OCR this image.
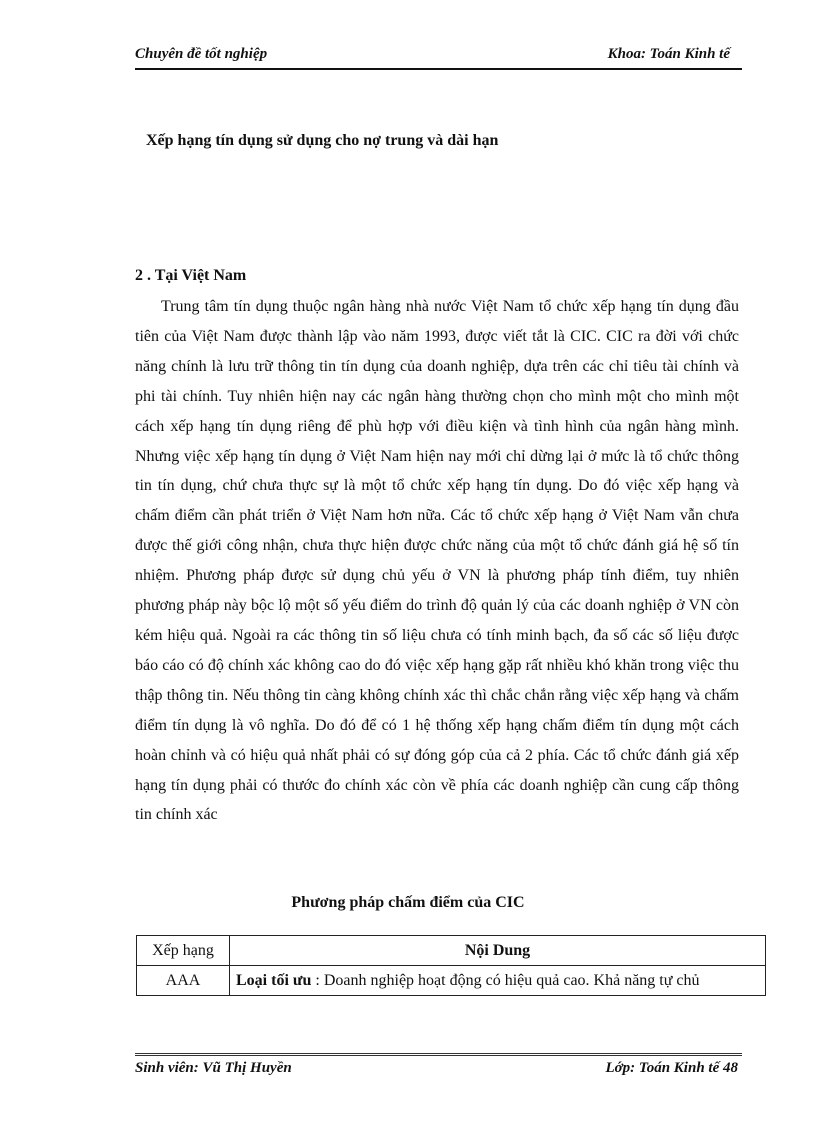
Chuyên đề tốt nghiệp	Khoa: Toán Kinh tế
Xếp hạng tín dụng sử dụng cho nợ trung và dài hạn
2 . Tại Việt Nam

Trung tâm tín dụng thuộc ngân hàng nhà nước Việt Nam tổ chức xếp hạng tín dụng đầu tiên của Việt Nam được thành lập vào năm 1993, được viết tắt là CIC. CIC ra đời với chức năng chính là lưu trữ thông tin tín dụng của doanh nghiệp, dựa trên các chỉ tiêu tài chính và phi tài chính. Tuy nhiên hiện nay các ngân hàng thường chọn cho mình một cho mình một cách xếp hạng tín dụng riêng để phù hợp với điều kiện và tình hình của ngân hàng mình. Nhưng việc xếp hạng tín dụng ở Việt Nam hiện nay mới chỉ dừng lại ở mức là tổ chức thông tin tín dụng, chứ chưa thực sự là một tổ chức xếp hạng tín dụng. Do đó việc xếp hạng và chấm điểm cần phát triển ở Việt Nam hơn nữa. Các tổ chức xếp hạng ở Việt Nam vẫn chưa được thế giới công nhận, chưa thực hiện được chức năng của một tổ chức đánh giá hệ số tín nhiệm. Phương pháp được sử dụng chủ yếu ở VN là phương pháp tính điểm, tuy nhiên phương pháp này bộc lộ một số yếu điểm do trình độ quản lý của các doanh nghiệp ở VN còn kém hiệu quả. Ngoài ra các thông tin số liệu chưa có tính minh bạch, đa số các số liệu được báo cáo có độ chính xác không cao do đó việc xếp hạng gặp rất nhiều khó khăn trong việc thu thập thông tin. Nếu thông tin càng không chính xác thì chắc chắn rằng việc xếp hạng và chấm điểm tín dụng là vô nghĩa. Do đó để có 1 hệ thống xếp hạng chấm điểm tín dụng một cách hoàn chỉnh và có hiệu quả nhất phải có sự đóng góp của cả 2 phía. Các tổ chức đánh giá xếp hạng tín dụng phải có thước đo chính xác còn về phía các doanh nghiệp cần cung cấp thông tin chính xác

Phương pháp chấm điểm của CIC
Xếp hạng	Nội Dung
AAA	Loại tối ưu : Doanh nghiệp hoạt động có hiệu quả cao. Khả năng tự chủ
Sinh viên: Vũ Thị Huyền	Lớp: Toán Kinh tế 48
